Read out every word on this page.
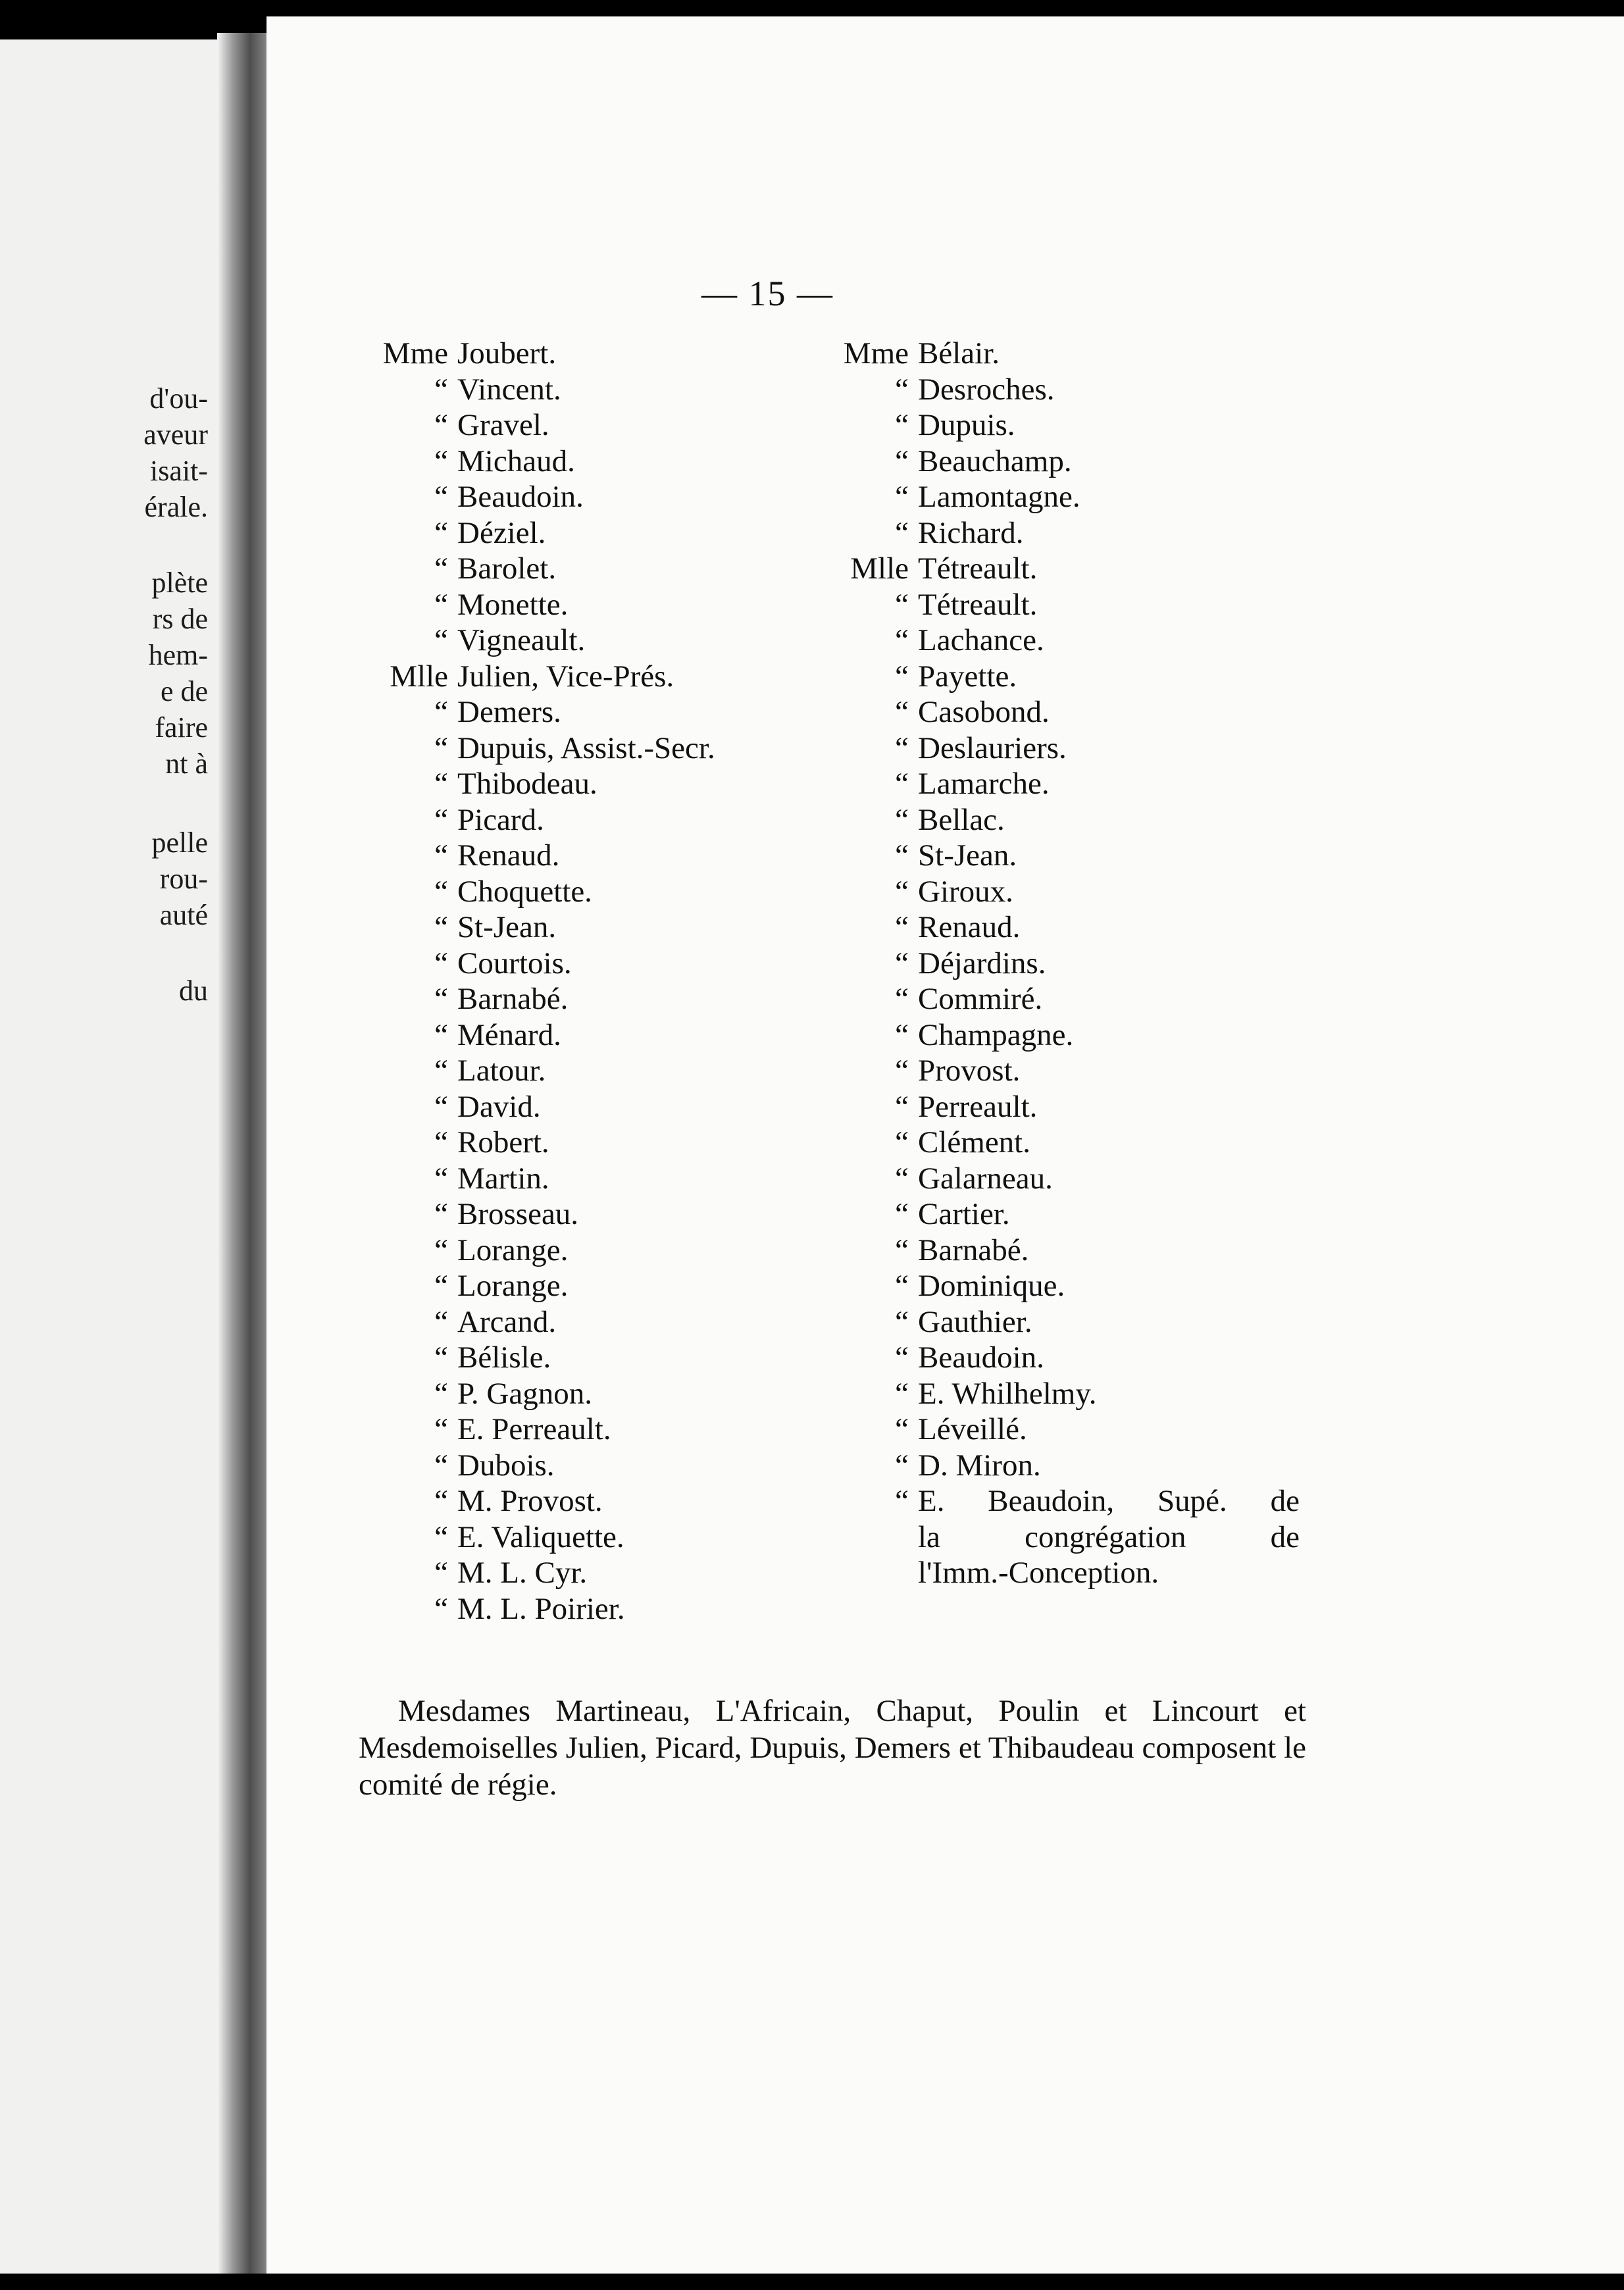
d'ou-
aveur
isait-
érale.
plète
rs de
hem-
e de
faire
nt à
pelle
rou-
auté
du
— 15 —
Mme Joubert.
“ Vincent.
“ Gravel.
“ Michaud.
“ Beaudoin.
“ Déziel.
“ Barolet.
“ Monette.
“ Vigneault.
Mlle Julien, Vice-Prés.
“ Demers.
“ Dupuis, Assist.-Secr.
“ Thibodeau.
“ Picard.
“ Renaud.
“ Choquette.
“ St-Jean.
“ Courtois.
“ Barnabé.
“ Ménard.
“ Latour.
“ David.
“ Robert.
“ Martin.
“ Brosseau.
“ Lorange.
“ Lorange.
“ Arcand.
“ Bélisle.
“ P. Gagnon.
“ E. Perreault.
“ Dubois.
“ M. Provost.
“ E. Valiquette.
“ M. L. Cyr.
“ M. L. Poirier.
Mme Bélair.
“ Desroches.
“ Dupuis.
“ Beauchamp.
“ Lamontagne.
“ Richard.
Mlle Tétreault.
“ Tétreault.
“ Lachance.
“ Payette.
“ Casobond.
“ Deslauriers.
“ Lamarche.
“ Bellac.
“ St-Jean.
“ Giroux.
“ Renaud.
“ Déjardins.
“ Commiré.
“ Champagne.
“ Provost.
“ Perreault.
“ Clément.
“ Galarneau.
“ Cartier.
“ Barnabé.
“ Dominique.
“ Gauthier.
“ Beaudoin.
“ E. Whilhelmy.
“ Léveillé.
“ D. Miron.
“ E. Beaudoin, Supé. de
la congrégation de
l'Imm.-Conception.

Mesdames Martineau, L'Africain, Chaput, Poulin et Lincourt et Mesdemoiselles Julien, Picard, Dupuis, Demers et Thibaudeau composent le comité de régie.
